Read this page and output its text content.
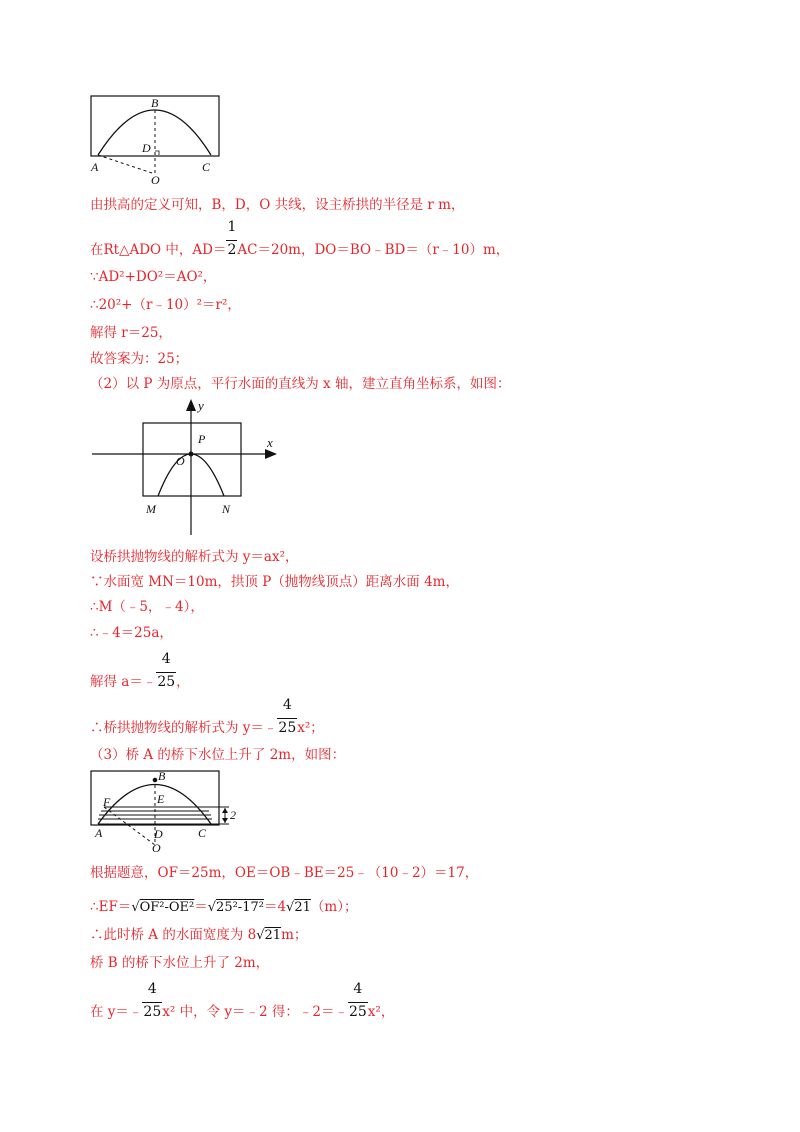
B
D
A	C
O
由拱高的定义可知，B，D，O 共线，设主桥拱的半径是 r m，
在Rt△ADO 中，$AD= \frac{1}{2}AC=20m$，DO＝BO﹣BD＝（r﹣10）m，
∵AD²+DO²＝AO²，
∴20²+（r﹣10）²＝r²，
解得 r＝25，
故答案为：25；
（2）以 P 为原点，平行水面的直线为 x 轴，建立直角坐标系，如图：
y
x
P
O
M	N
设桥拱抛物线的解析式为 y＝ax²，
∵水面宽 MN＝10m，拱顶 P（抛物线顶点）距离水面 4m，
∴M（﹣5，﹣4），
∴﹣4＝25a，
解得 a＝﹣ $\frac{4}{25}$，
∴桥拱抛物线的解析式为 y＝﹣ $\frac{4}{25}x^2$；
（3）桥 A 的桥下水位上升了 2m，如图：
B
E
F
A	D	C
O
2
根据题意，OF＝25m，OE＝OB﹣BE＝25﹣（10﹣2）＝17，
∴EF＝√OF²-OE²＝√25²-17²＝4√21（m）；
∴此时桥 A 的水面宽度为 8√21m；
桥 B 的桥下水位上升了 2m，
在 y＝﹣ $\frac{4}{25}x^2$ 中，令 y＝﹣2 得：﹣2＝﹣ $\frac{4}{25}x^2$，
